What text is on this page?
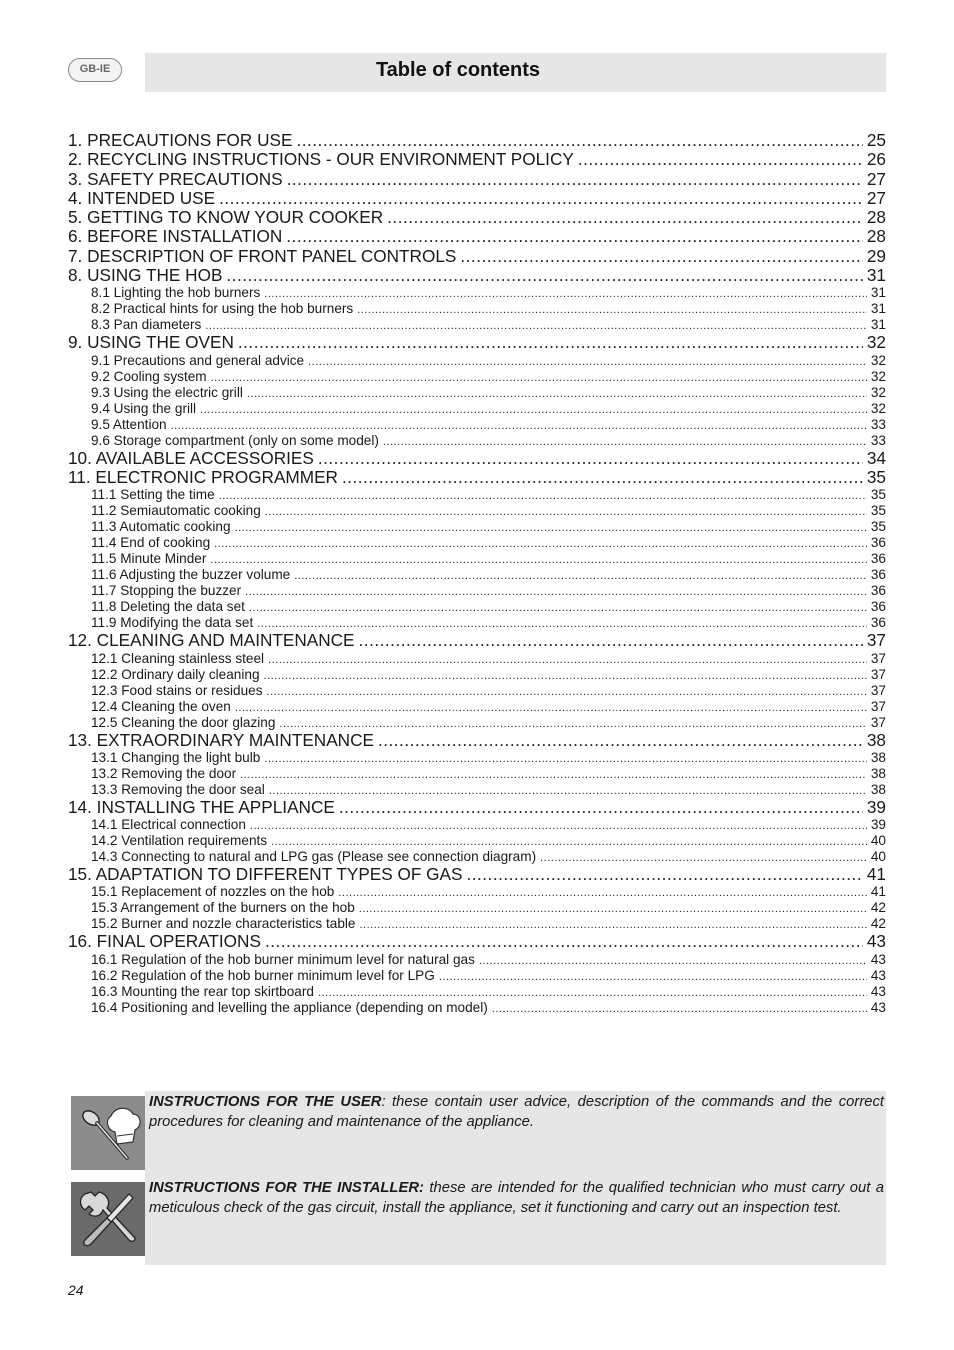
GB-IE	Table of contents
1. PRECAUTIONS FOR USE .....	25
2. RECYCLING INSTRUCTIONS - OUR ENVIRONMENT POLICY .....	26
3. SAFETY PRECAUTIONS .....	27
4. INTENDED USE .....	27
5. GETTING TO KNOW YOUR COOKER .....	28
6. BEFORE INSTALLATION .....	28
7. DESCRIPTION OF FRONT PANEL CONTROLS .....	29
8. USING THE HOB .....	31
8.1 Lighting the hob burners .....	31
8.2 Practical hints for using the hob burners .....	31
8.3 Pan diameters .....	31
9. USING THE OVEN .....	32
9.1 Precautions and general advice .....	32
9.2 Cooling system .....	32
9.3 Using the electric grill .....	32
9.4 Using the grill .....	32
9.5 Attention .....	33
9.6 Storage compartment (only on some model) .....	33
10. AVAILABLE ACCESSORIES .....	34
11. ELECTRONIC PROGRAMMER .....	35
11.1 Setting the time .....	35
11.2 Semiautomatic cooking .....	35
11.3 Automatic cooking .....	35
11.4 End of cooking .....	36
11.5 Minute Minder .....	36
11.6 Adjusting the buzzer volume .....	36
11.7 Stopping the buzzer .....	36
11.8 Deleting the data set .....	36
11.9 Modifying the data set .....	36
12. CLEANING AND MAINTENANCE .....	37
12.1 Cleaning stainless steel .....	37
12.2 Ordinary daily cleaning .....	37
12.3 Food stains or residues .....	37
12.4 Cleaning the oven .....	37
12.5 Cleaning the door glazing .....	37
13. EXTRAORDINARY MAINTENANCE .....	38
13.1 Changing the light bulb .....	38
13.2 Removing the door .....	38
13.3 Removing the door seal .....	38
14. INSTALLING THE APPLIANCE .....	39
14.1 Electrical connection .....	39
14.2 Ventilation requirements .....	40
14.3 Connecting to natural and LPG gas (Please see connection diagram) .....	40
15. ADAPTATION TO DIFFERENT TYPES OF GAS .....	41
15.1 Replacement of nozzles on the hob .....	41
15.3 Arrangement of the burners on the hob .....	42
15.2 Burner and nozzle characteristics table .....	42
16. FINAL OPERATIONS .....	43
16.1 Regulation of the hob burner minimum level for natural gas .....	43
16.2 Regulation of the hob burner minimum level for LPG .....	43
16.3 Mounting the rear top skirtboard .....	43
16.4 Positioning and levelling the appliance (depending on model) .....	43
INSTRUCTIONS FOR THE USER: these contain user advice, description of the commands and the correct procedures for cleaning and maintenance of the appliance.
INSTRUCTIONS FOR THE INSTALLER: these are intended for the qualified technician who must carry out a meticulous check of the gas circuit, install the appliance, set it functioning and carry out an inspection test.
24
